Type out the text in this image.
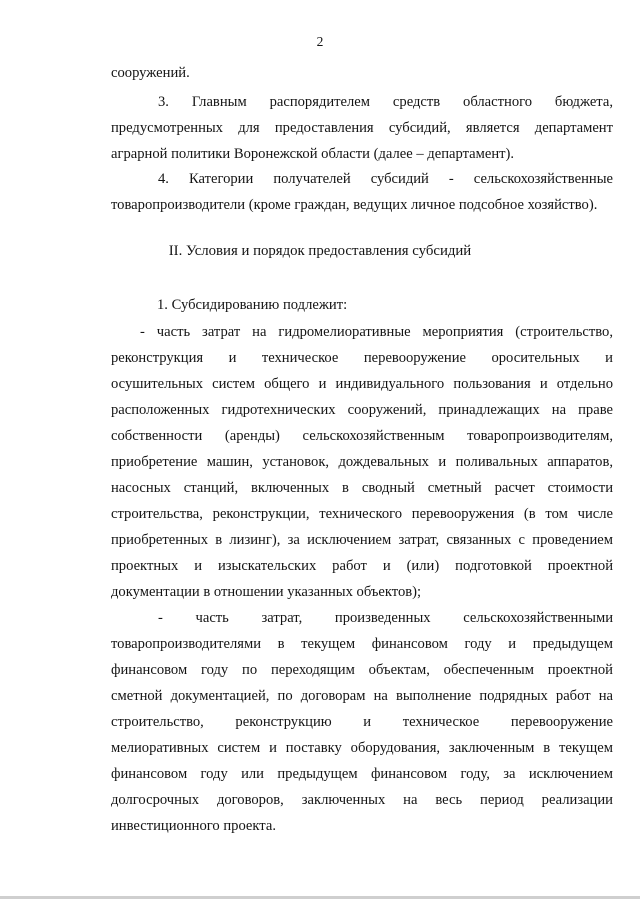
2
сооружений.
3. Главным распорядителем средств областного бюджета,
предусмотренных для предоставления субсидий, является департамент
аграрной политики Воронежской области (далее – департамент).
4. Категории получателей субсидий - сельскохозяйственные
товаропроизводители (кроме граждан, ведущих личное подсобное хозяйство).
II. Условия и порядок предоставления субсидий
1. Субсидированию подлежит:
- часть затрат на гидромелиоративные мероприятия (строительство,
реконструкция и техническое перевооружение оросительных и
осушительных систем общего и индивидуального пользования и отдельно
расположенных гидротехнических сооружений, принадлежащих на праве
собственности (аренды) сельскохозяйственным товаропроизводителям,
приобретение машин, установок, дождевальных и поливальных аппаратов,
насосных станций, включенных в сводный сметный расчет стоимости
строительства, реконструкции, технического перевооружения (в том числе
приобретенных в лизинг), за исключением затрат, связанных с проведением
проектных и изыскательских работ и (или) подготовкой проектной
документации в отношении указанных объектов);
- часть затрат, произведенных сельскохозяйственными
товаропроизводителями в текущем финансовом году и предыдущем
финансовом году по переходящим объектам, обеспеченным проектной
сметной документацией, по договорам на выполнение подрядных работ на
строительство, реконструкцию и техническое перевооружение
мелиоративных систем и поставку оборудования, заключенным в текущем
финансовом году или предыдущем финансовом году, за исключением
долгосрочных договоров, заключенных на весь период реализации
инвестиционного проекта.
